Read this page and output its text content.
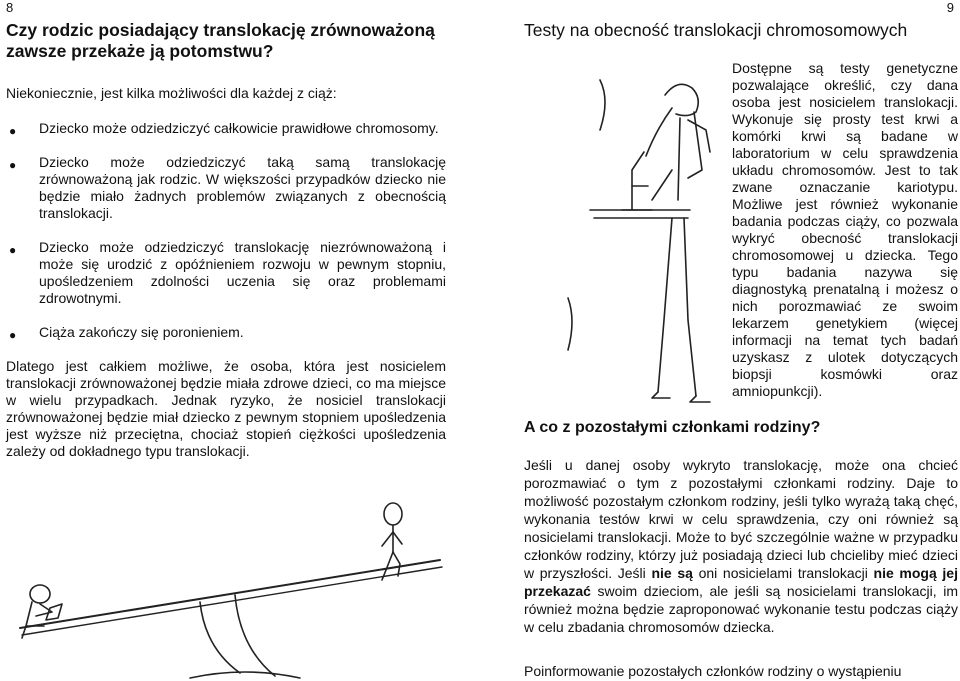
8
Czy rodzic posiadający translokację zrównoważoną zawsze przekaże ją potomstwu?

Niekoniecznie, jest kilka możliwości dla każdej z ciąż:

● Dziecko może odziedziczyć całkowicie prawidłowe chromosomy.
● Dziecko może odziedziczyć taką samą translokację zrównoważoną jak rodzic. W większości przypadków dziecko nie będzie miało żadnych problemów związanych z obecnością translokacji.
● Dziecko może odziedziczyć translokację niezrównoważoną i może się urodzić z opóźnieniem rozwoju w pewnym stopniu, upośledzeniem zdolności uczenia się oraz problemami zdrowotnymi.
● Ciąża zakończy się poronieniem.

Dlatego jest całkiem możliwe, że osoba, która jest nosicielem translokacji zrównoważonej będzie miała zdrowe dzieci, co ma miejsce w wielu przypadkach. Jednak ryzyko, że nosiciel translokacji zrównoważonej będzie miał dziecko z pewnym stopniem upośledzenia jest wyższe niż przeciętna, chociaż stopień ciężkości upośledzenia zależy od dokładnego typu translokacji.

9
Testy na obecność translokacji chromosomowych

Dostępne są testy genetyczne pozwalające określić, czy dana osoba jest nosicielem translokacji. Wykonuje się prosty test krwi a komórki krwi są badane w laboratorium w celu sprawdzenia układu chromosomów. Jest to tak zwane oznaczanie kariotypu. Możliwe jest również wykonanie badania podczas ciąży, co pozwala wykryć obecność translokacji chromosomowej u dziecka. Tego typu badania nazywa się diagnostyką prenatalną i możesz o nich porozmawiać ze swoim lekarzem genetykiem (więcej informacji na temat tych badań uzyskasz z ulotek dotyczących biopsji kosmówki oraz amniopunkcji).

A co z pozostałymi członkami rodziny?

Jeśli u danej osoby wykryto translokację, może ona chcieć porozmawiać o tym z pozostałymi członkami rodziny. Daje to możliwość pozostałym członkom rodziny, jeśli tylko wyrażą taką chęć, wykonania testów krwi w celu sprawdzenia, czy oni również są nosicielami translokacji. Może to być szczególnie ważne w przypadku członków rodziny, którzy już posiadają dzieci lub chcieliby mieć dzieci w przyszłości. Jeśli nie są oni nosicielami translokacji nie mogą jej przekazać swoim dzieciom, ale jeśli są nosicielami translokacji, im również można będzie zaproponować wykonanie testu podczas ciąży w celu zbadania chromosomów dziecka.

Poinformowanie pozostałych członków rodziny o wystąpieniu
